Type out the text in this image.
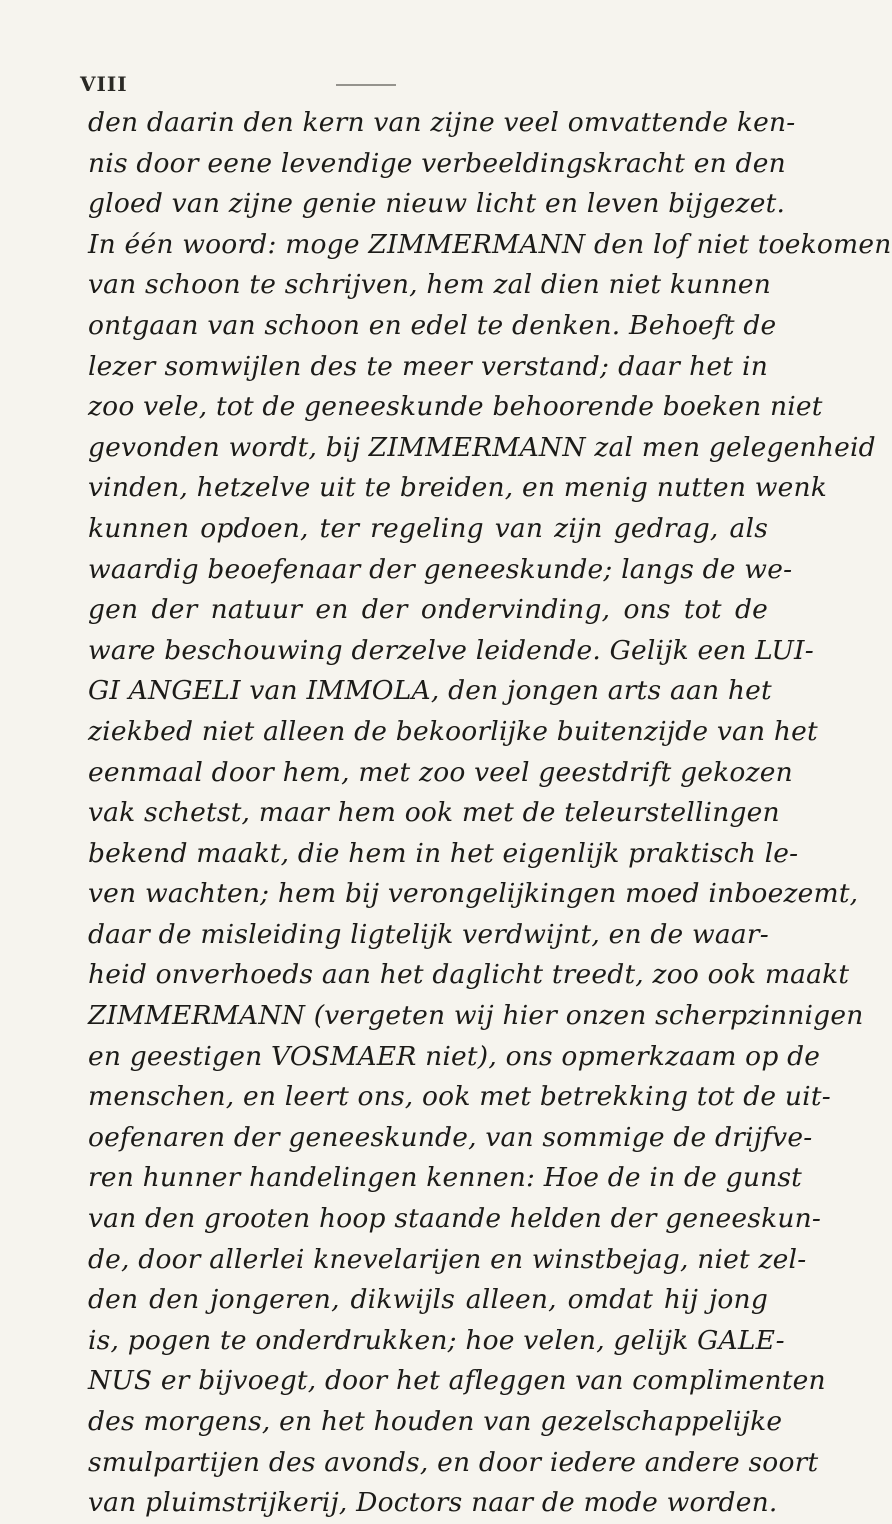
VIII
den daarin den kern van zijne veel omvattende ken-
nis door eene levendige verbeeldingskracht en den
gloed van zijne genie nieuw licht en leven bijgezet.
In één woord: moge ZIMMERMANN den lof niet toekomen
van schoon te schrijven, hem zal dien niet kunnen
ontgaan van schoon en edel te denken. Behoeft de
lezer somwijlen des te meer verstand; daar het in
zoo vele, tot de geneeskunde behoorende boeken niet
gevonden wordt, bij ZIMMERMANN zal men gelegenheid
vinden, hetzelve uit te breiden, en menig nutten wenk
kunnen opdoen, ter regeling van zijn gedrag, als
waardig beoefenaar der geneeskunde; langs de we-
gen der natuur en der ondervinding, ons tot de
ware beschouwing derzelve leidende. Gelijk een LUI-
GI ANGELI van IMMOLA, den jongen arts aan het
ziekbed niet alleen de bekoorlijke buitenzijde van het
eenmaal door hem, met zoo veel geestdrift gekozen
vak schetst, maar hem ook met de teleurstellingen
bekend maakt, die hem in het eigenlijk praktisch le-
ven wachten; hem bij verongelijkingen moed inboezemt,
daar de misleiding ligtelijk verdwijnt, en de waar-
heid onverhoeds aan het daglicht treedt, zoo ook maakt
ZIMMERMANN (vergeten wij hier onzen scherpzinnigen
en geestigen VOSMAER niet), ons opmerkzaam op de
menschen, en leert ons, ook met betrekking tot de uit-
oefenaren der geneeskunde, van sommige de drijfve-
ren hunner handelingen kennen: Hoe de in de gunst
van den grooten hoop staande helden der geneeskun-
de, door allerlei knevelarijen en winstbejag, niet zel-
den den jongeren, dikwijls alleen, omdat hij jong
is, pogen te onderdrukken; hoe velen, gelijk GALE-
NUS er bijvoegt, door het afleggen van complimenten
des morgens, en het houden van gezelschappelijke
smulpartijen des avonds, en door iedere andere soort
van pluimstrijkerij, Doctors naar de mode worden.
